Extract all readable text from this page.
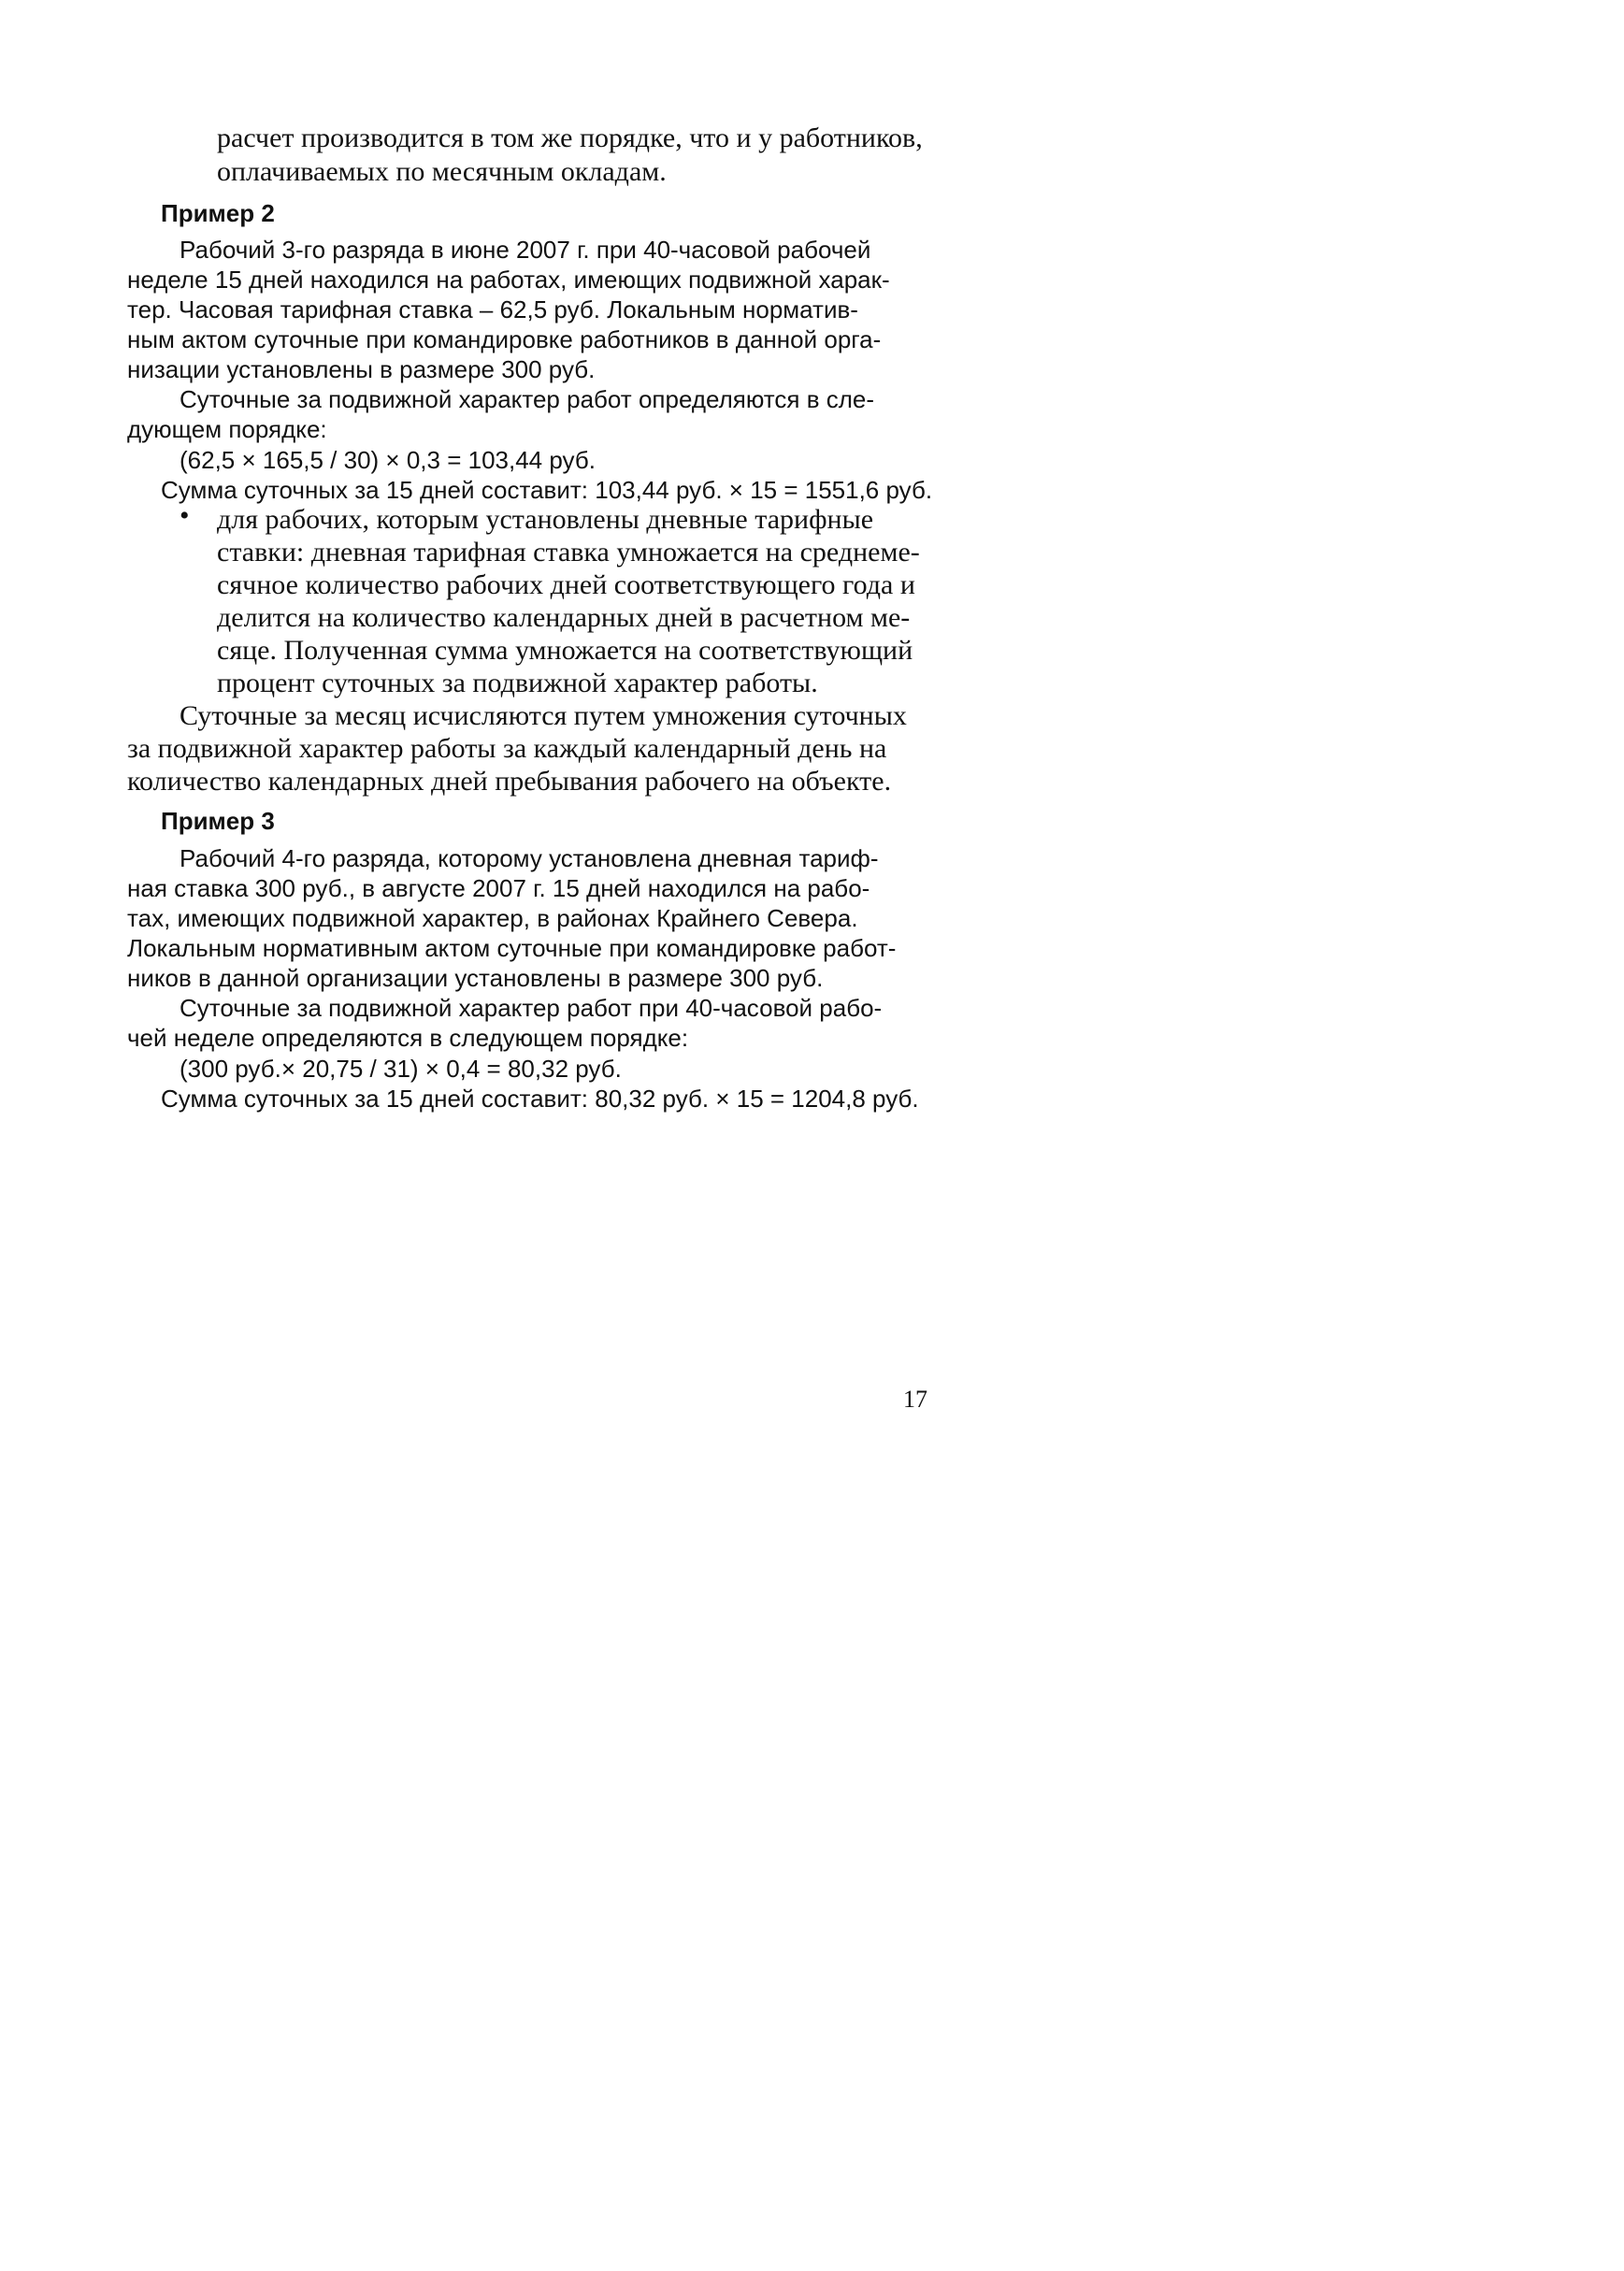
расчет производится в том же порядке, что и у работников,
оплачиваемых по месячным окладам.
Пример 2
Рабочий 3-го разряда в июне 2007 г. при 40-часовой рабочей
неделе 15 дней находился на работах, имеющих подвижной харак-
тер. Часовая тарифная ставка – 62,5 руб. Локальным норматив-
ным актом суточные при командировке работников в данной орга-
низации установлены в размере 300 руб.
Суточные за подвижной характер работ определяются в сле-
дующем порядке:
(62,5 × 165,5 / 30) × 0,3 = 103,44 руб.
Сумма суточных за 15 дней составит: 103,44 руб. × 15 = 1551,6 руб.
• для рабочих, которым установлены дневные тарифные
ставки: дневная тарифная ставка умножается на среднеме-
сячное количество рабочих дней соответствующего года и
делится на количество календарных дней в расчетном ме-
сяце. Полученная сумма умножается на соответствующий
процент суточных за подвижной характер работы.
Суточные за месяц исчисляются путем умножения суточных
за подвижной характер работы за каждый календарный день на
количество календарных дней пребывания рабочего на объекте.
Пример 3
Рабочий 4-го разряда, которому установлена дневная тариф-
ная ставка 300 руб., в августе 2007 г. 15 дней находился на рабо-
тах, имеющих подвижной характер, в районах Крайнего Севера.
Локальным нормативным актом суточные при командировке работ-
ников в данной организации установлены в размере 300 руб.
Суточные за подвижной характер работ при 40-часовой рабо-
чей неделе определяются в следующем порядке:
(300 руб.× 20,75 / 31) × 0,4 = 80,32 руб.
Сумма суточных за 15 дней составит: 80,32 руб. × 15 = 1204,8 руб.
17
